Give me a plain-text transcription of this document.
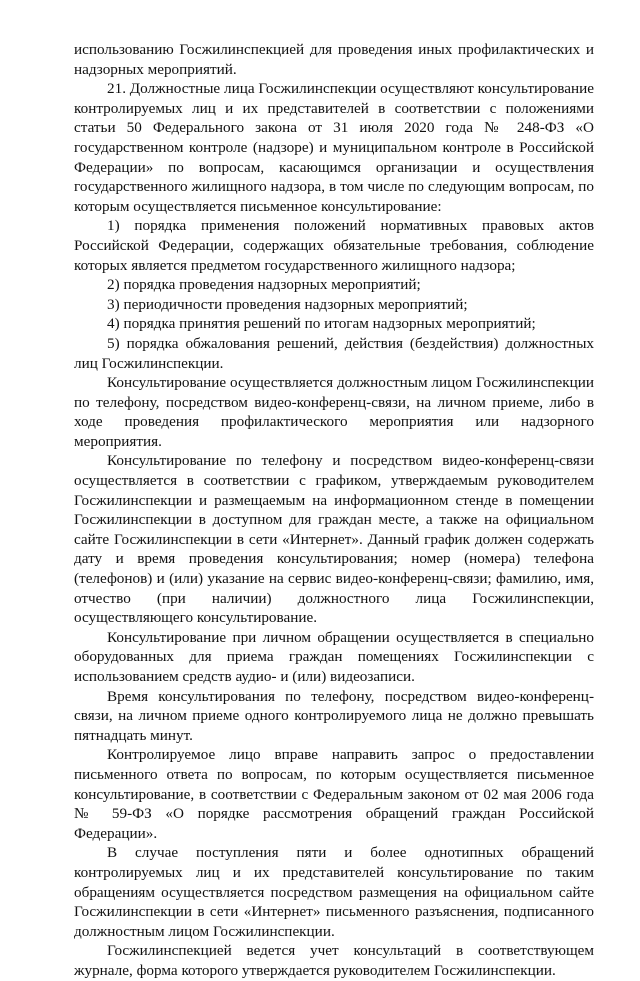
использованию Госжилинспекцией для проведения иных профилактических и надзорных мероприятий.

21. Должностные лица Госжилинспекции осуществляют консультирование контролируемых лиц и их представителей в соответствии с положениями статьи 50 Федерального закона от 31 июля 2020 года № 248-ФЗ «О государственном контроле (надзоре) и муниципальном контроле в Российской Федерации» по вопросам, касающимся организации и осуществления государственного жилищного надзора, в том числе по следующим вопросам, по которым осуществляется письменное консультирование:

1) порядка применения положений нормативных правовых актов Российской Федерации, содержащих обязательные требования, соблюдение которых является предметом государственного жилищного надзора;

2) порядка проведения надзорных мероприятий;

3) периодичности проведения надзорных мероприятий;

4) порядка принятия решений по итогам надзорных мероприятий;

5) порядка обжалования решений, действия (бездействия) должностных лиц Госжилинспекции.

Консультирование осуществляется должностным лицом Госжилинспекции по телефону, посредством видео-конференц-связи, на личном приеме, либо в ходе проведения профилактического мероприятия или надзорного мероприятия.

Консультирование по телефону и посредством видео-конференц-связи осуществляется в соответствии с графиком, утверждаемым руководителем Госжилинспекции и размещаемым на информационном стенде в помещении Госжилинспекции в доступном для граждан месте, а также на официальном сайте Госжилинспекции в сети «Интернет». Данный график должен содержать дату и время проведения консультирования; номер (номера) телефона (телефонов) и (или) указание на сервис видео-конференц-связи; фамилию, имя, отчество (при наличии) должностного лица Госжилинспекции, осуществляющего консультирование.

Консультирование при личном обращении осуществляется в специально оборудованных для приема граждан помещениях Госжилинспекции с использованием средств аудио- и (или) видеозаписи.

Время консультирования по телефону, посредством видео-конференц-связи, на личном приеме одного контролируемого лица не должно превышать пятнадцать минут.

Контролируемое лицо вправе направить запрос о предоставлении письменного ответа по вопросам, по которым осуществляется письменное консультирование, в соответствии с Федеральным законом от 02 мая 2006 года № 59-ФЗ «О порядке рассмотрения обращений граждан Российской Федерации».

В случае поступления пяти и более однотипных обращений контролируемых лиц и их представителей консультирование по таким обращениям осуществляется посредством размещения на официальном сайте Госжилинспекции в сети «Интернет» письменного разъяснения, подписанного должностным лицом Госжилинспекции.

Госжилинспекцией ведется учет консультаций в соответствующем журнале, форма которого утверждается руководителем Госжилинспекции.
